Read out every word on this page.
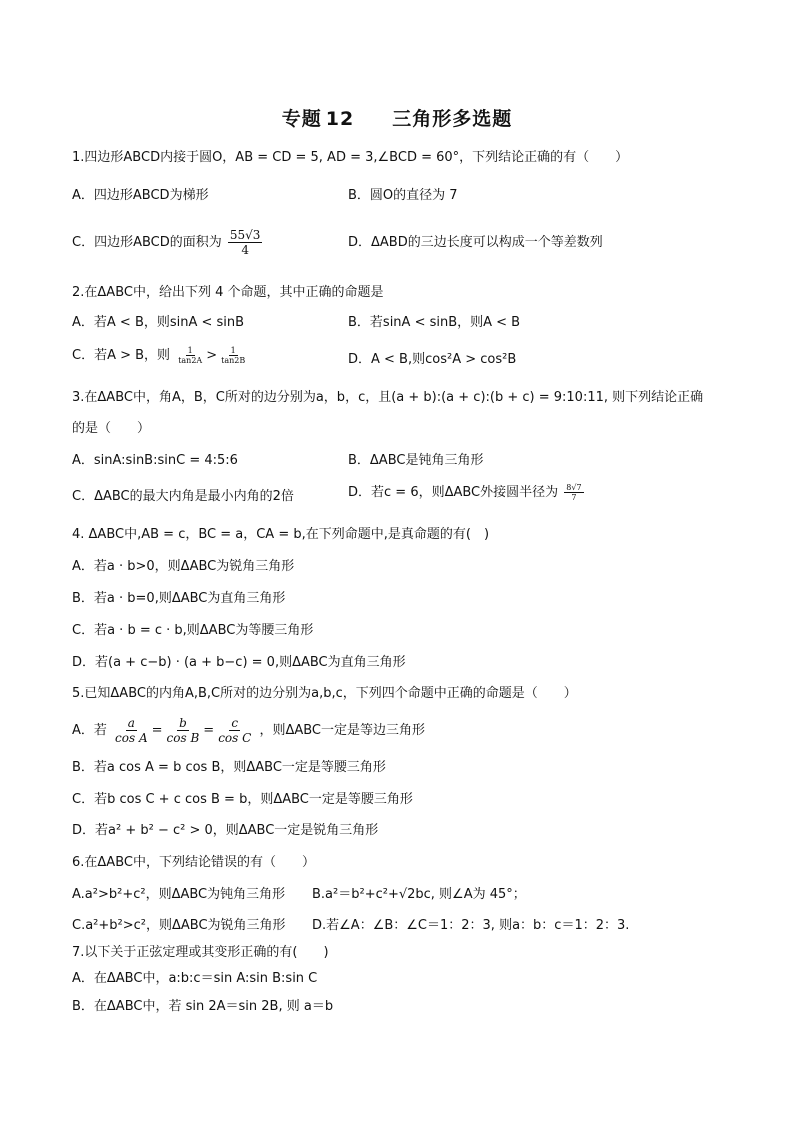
专题 12 三角形多选题
1.四边形ABCD内接于圆O，AB = CD = 5, AD = 3,∠BCD = 60°，下列结论正确的有（　　）
A．四边形ABCD为梯形	B．圆O的直径为 7
C．四边形ABCD的面积为 $\frac{55√3}{4}$	D．ΔABD的三边长度可以构成一个等差数列
2.在ΔABC中，给出下列 4 个命题，其中正确的命题是
A．若A < B，则sinA < sinB	B．若sinA < sinB，则A < B
C．若A > B，则 $\frac{1}{\tan 2A} > \frac{1}{\tan 2B}$	D．A < B,则cos²A > cos²B
3.在ΔABC中，角A，B，C所对的边分别为a，b，c，且(a + b):(a + c):(b + c) = 9:10:11, 则下列结论正确
的是（　　）
A．sinA:sinB:sinC = 4:5:6	B．ΔABC是钝角三角形
C．ΔABC的最大内角是最小内角的2倍	D．若c = 6，则ΔABC外接圆半径为 $\frac{8√7}{7}$
4. ΔABC中,AB = c，BC = a，CA = b,在下列命题中,是真命题的有(　)
A．若a · b>0，则ΔABC为锐角三角形
B．若a · b=0,则ΔABC为直角三角形
C．若a · b = c · b,则ΔABC为等腰三角形
D．若(a + c−b) · (a + b−c) = 0,则ΔABC为直角三角形
5.已知ΔABC的内角A,B,C所对的边分别为a,b,c，下列四个命题中正确的命题是（　　）
A．若 $\frac{a}{\text{cos A}} = \frac{b}{\text{cos B}} = \frac{c}{\text{cos C}}$ ，则ΔABC一定是等边三角形
B．若a cos A = b cos B，则ΔABC一定是等腰三角形
C．若b cos C + c cos B = b，则ΔABC一定是等腰三角形
D．若a² + b² − c² > 0，则ΔABC一定是锐角三角形
6.在ΔABC中，下列结论错误的有（　　）
A.a²>b²+c²，则ΔABC为钝角三角形 B.a²＝b²+c²+√2bc, 则∠A为 45°；
C.a²+b²>c²，则ΔABC为锐角三角形 D.若∠A：∠B：∠C＝1：2：3, 则a：b：c＝1：2：3.
7.以下关于正弦定理或其变形正确的有(　　)
A．在ΔABC中，a:b:c＝sin A:sin B:sin C
B．在ΔABC中，若 sin 2A＝sin 2B, 则 a＝b
